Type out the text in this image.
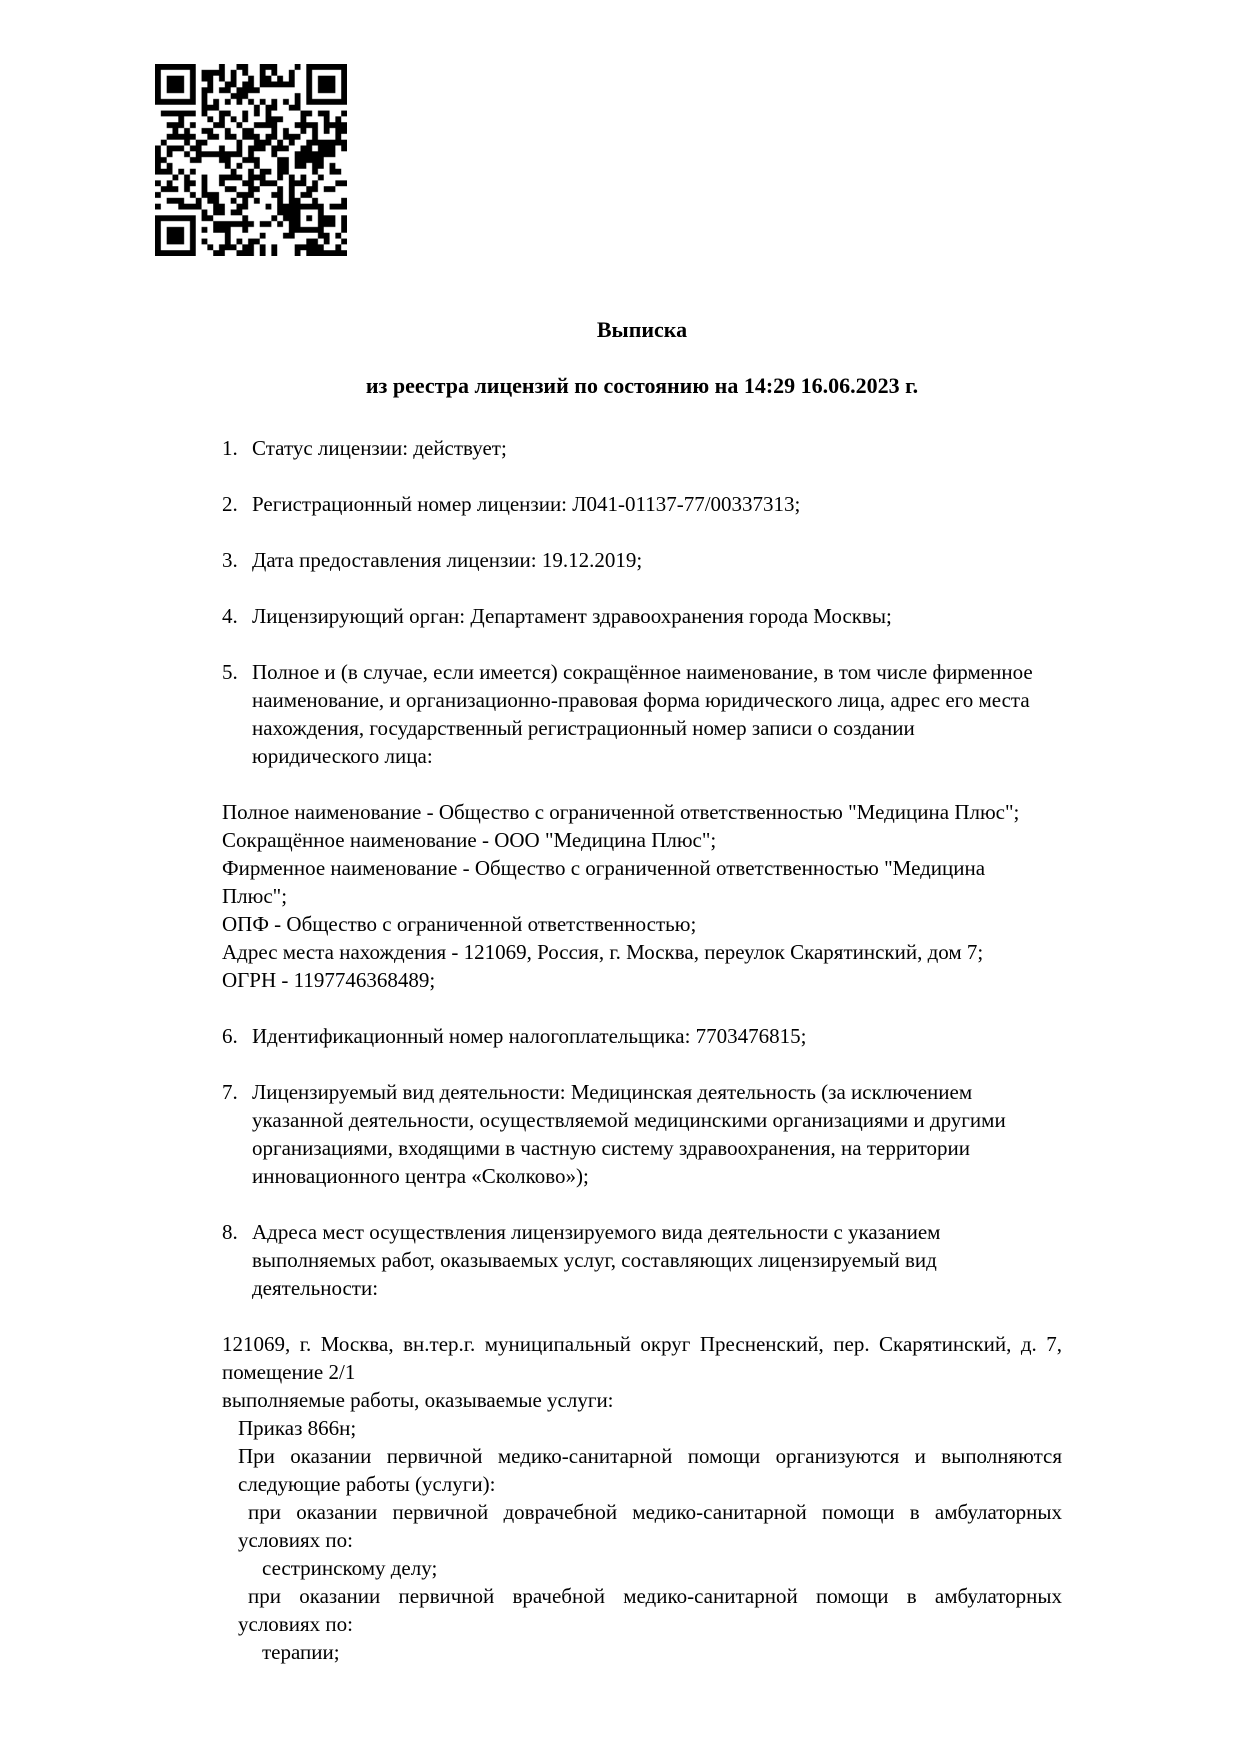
Выписка
из реестра лицензий по состоянию на 14:29 16.06.2023 г.
1. Статус лицензии: действует;
2. Регистрационный номер лицензии: Л041-01137-77/00337313;
3. Дата предоставления лицензии: 19.12.2019;
4. Лицензирующий орган: Департамент здравоохранения города Москвы;
5. Полное и (в случае, если имеется) сокращённое наименование, в том числе фирменное
наименование, и организационно-правовая форма юридического лица, адрес его места
нахождения, государственный регистрационный номер записи о создании
юридического лица:
Полное наименование - Общество с ограниченной ответственностью "Медицина Плюс";
Сокращённое наименование - ООО "Медицина Плюс";
Фирменное наименование - Общество с ограниченной ответственностью "Медицина
Плюс";
ОПФ - Общество с ограниченной ответственностью;
Адрес места нахождения - 121069, Россия, г. Москва, переулок Скарятинский, дом 7;
ОГРН - 1197746368489;
6. Идентификационный номер налогоплательщика: 7703476815;
7. Лицензируемый вид деятельности: Медицинская деятельность (за исключением
указанной деятельности, осуществляемой медицинскими организациями и другими
организациями, входящими в частную систему здравоохранения, на территории
инновационного центра «Сколково»);
8. Адреса мест осуществления лицензируемого вида деятельности с указанием
выполняемых работ, оказываемых услуг, составляющих лицензируемый вид
деятельности:
121069, г. Москва, вн.тер.г. муниципальный округ Пресненский, пер. Скарятинский, д. 7,
помещение 2/1
выполняемые работы, оказываемые услуги:
Приказ 866н;
При оказании первичной медико-санитарной помощи организуются и выполняются
следующие работы (услуги):
при оказании первичной доврачебной медико-санитарной помощи в амбулаторных
условиях по:
сестринскому делу;
при оказании первичной врачебной медико-санитарной помощи в амбулаторных
условиях по:
терапии;
